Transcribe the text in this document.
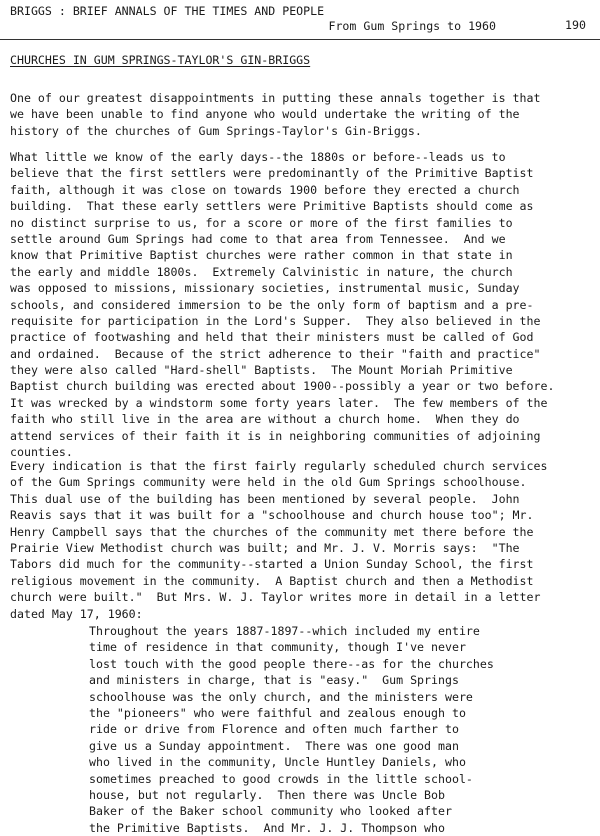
BRIGGS : BRIEF ANNALS OF THE TIMES AND PEOPLE

190

From Gum Springs to 1960
CHURCHES IN GUM SPRINGS-TAYLOR'S GIN-BRIGGS
One of our greatest disappointments in putting these annals together is that
we have been unable to find anyone who would undertake the writing of the
history of the churches of Gum Springs-Taylor's Gin-Briggs.
What little we know of the early days--the 1880s or before--leads us to
believe that the first settlers were predominantly of the Primitive Baptist
faith, although it was close on towards 1900 before they erected a church
building.  That these early settlers were Primitive Baptists should come as
no distinct surprise to us, for a score or more of the first families to
settle around Gum Springs had come to that area from Tennessee.  And we
know that Primitive Baptist churches were rather common in that state in
the early and middle 1800s.  Extremely Calvinistic in nature, the church
was opposed to missions, missionary societies, instrumental music, Sunday
schools, and considered immersion to be the only form of baptism and a pre-
requisite for participation in the Lord's Supper.  They also believed in the
practice of footwashing and held that their ministers must be called of God
and ordained.  Because of the strict adherence to their "faith and practice"
they were also called "Hard-shell" Baptists.  The Mount Moriah Primitive
Baptist church building was erected about 1900--possibly a year or two before.
It was wrecked by a windstorm some forty years later.  The few members of the
faith who still live in the area are without a church home.  When they do
attend services of their faith it is in neighboring communities of adjoining
counties.
Every indication is that the first fairly regularly scheduled church services
of the Gum Springs community were held in the old Gum Springs schoolhouse.
This dual use of the building has been mentioned by several people.  John
Reavis says that it was built for a "schoolhouse and church house too"; Mr.
Henry Campbell says that the churches of the community met there before the
Prairie View Methodist church was built; and Mr. J. V. Morris says:  "The
Tabors did much for the community--started a Union Sunday School, the first
religious movement in the community.  A Baptist church and then a Methodist
church were built."  But Mrs. W. J. Taylor writes more in detail in a letter
dated May 17, 1960:
Throughout the years 1887-1897--which included my entire
time of residence in that community, though I've never
lost touch with the good people there--as for the churches
and ministers in charge, that is "easy."  Gum Springs
schoolhouse was the only church, and the ministers were
the "pioneers" who were faithful and zealous enough to
ride or drive from Florence and often much farther to
give us a Sunday appointment.  There was one good man
who lived in the community, Uncle Huntley Daniels, who
sometimes preached to good crowds in the little school-
house, but not regularly.  Then there was Uncle Bob
Baker of the Baker school community who looked after
the Primitive Baptists.  And Mr. J. J. Thompson who
